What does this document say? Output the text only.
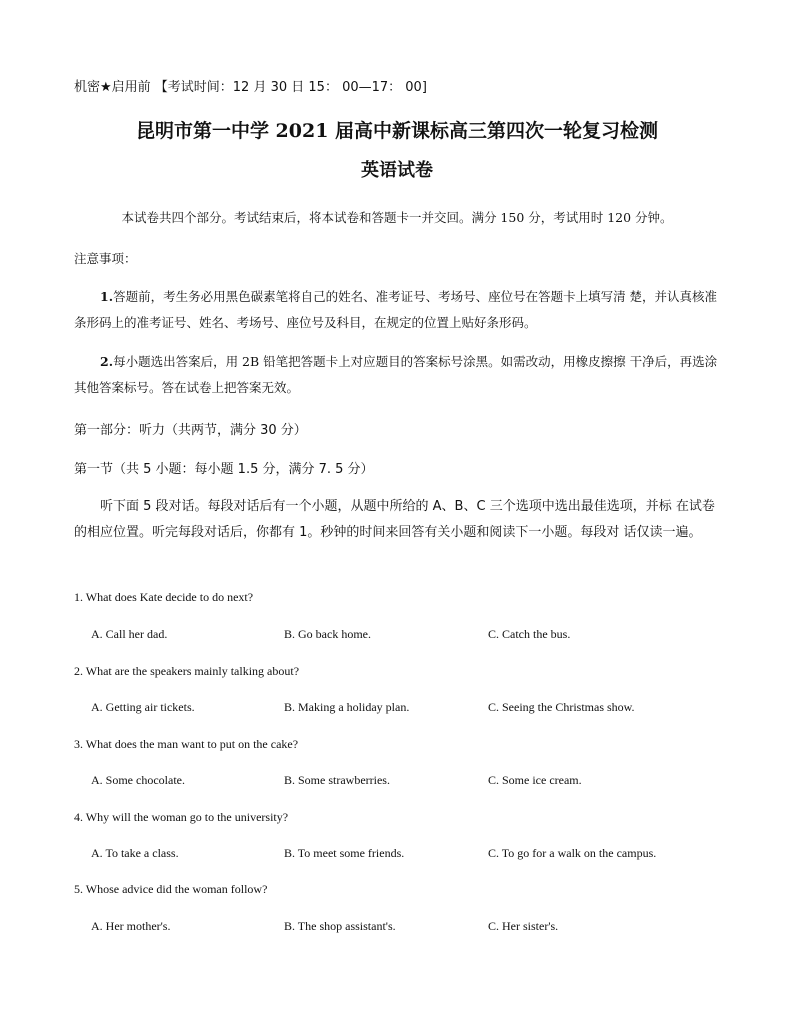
机密★启用前 【考试时间：12 月 30 日 15： 00—17： 00]
昆明市第一中学 2021 届高中新课标高三第四次一轮复习检测
英语试卷
本试卷共四个部分。考试结束后，将本试卷和答题卡一并交回。满分 150 分，考试用时 120 分钟。
注意事项：
1.答题前，考生务必用黑色碳素笔将自己的姓名、准考证号、考场号、座位号在答题卡上填写清 楚，并认真核准条形码上的准考证号、姓名、考场号、座位号及科目，在规定的位置上贴好条形码。
2.每小题选出答案后，用 2B 铅笔把答题卡上对应题目的答案标号涂黑。如需改动，用橡皮擦擦 干净后，再选涂其他答案标号。答在试卷上把答案无效。
第一部分：听力（共两节，满分 30 分）
第一节（共 5 小题：每小题 1.5 分，满分 7. 5 分）
听下面 5 段对话。每段对话后有一个小题，从题中所给的 A、B、C 三个选项中选出最佳选项，并标 在试卷的相应位置。听完每段对话后，你都有 1。秒钟的时间来回答有关小题和阅读下一小题。每段对 话仅读一遍。
1. What does Kate decide to do next?
A. Call her dad.	B. Go back home.	C. Catch the bus.
2. What are the speakers mainly talking about?
A. Getting air tickets.	B. Making a holiday plan.	C. Seeing the Christmas show.
3. What does the man want to put on the cake?
A. Some chocolate.	B. Some strawberries.	C. Some ice cream.
4. Why will the woman go to the university?
A. To take a class.	B. To meet some friends.	C. To go for a walk on the campus.
5. Whose advice did the woman follow?
A. Her mother's.	B. The shop assistant's.	C. Her sister's.
